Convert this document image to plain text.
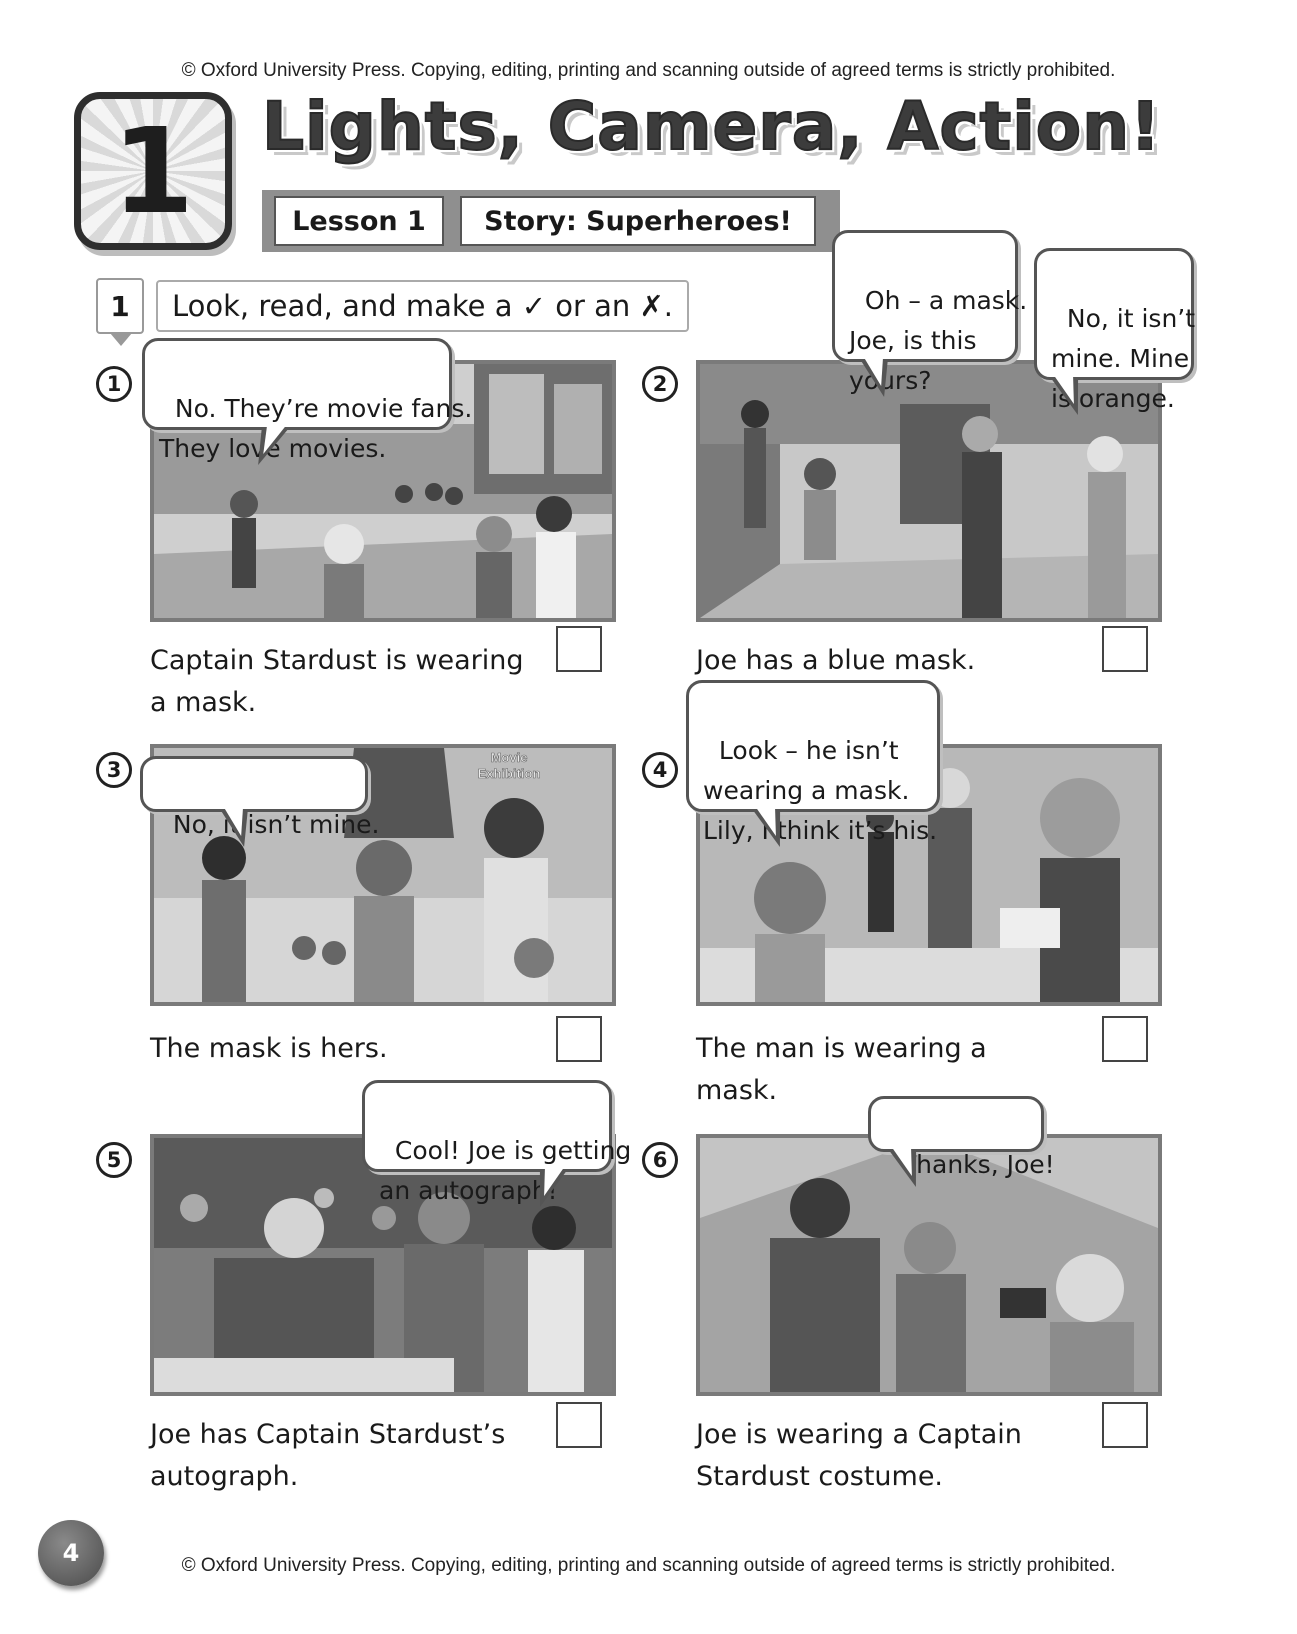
© Oxford University Press. Copying, editing, printing and scanning outside of agreed terms is strictly prohibited.
1	Lights, Camera, Action!
Lesson 1	Story: Superheroes!
1	Look, read, and make a ✓ or an ✗.
1

No. They’re movie fans.
They love movies.

Captain Stardust is wearing a mask.
2

Oh – a mask.
Joe, is this
yours?

No, it isn’t
mine. Mine
is orange.

Joe has a blue mask.
3
Movie
Exhibition

No, it isn’t mine.

The mask is hers.
4

Look – he isn’t
wearing a mask.
Lily, I think it’s his.

The man is wearing a mask.
5	Cool! Joe is getting
an autograph!

Joe has Captain Stardust’s autograph.
6	Thanks, Joe!

Joe is wearing a Captain Stardust costume.
4	© Oxford University Press. Copying, editing, printing and scanning outside of agreed terms is strictly prohibited.
